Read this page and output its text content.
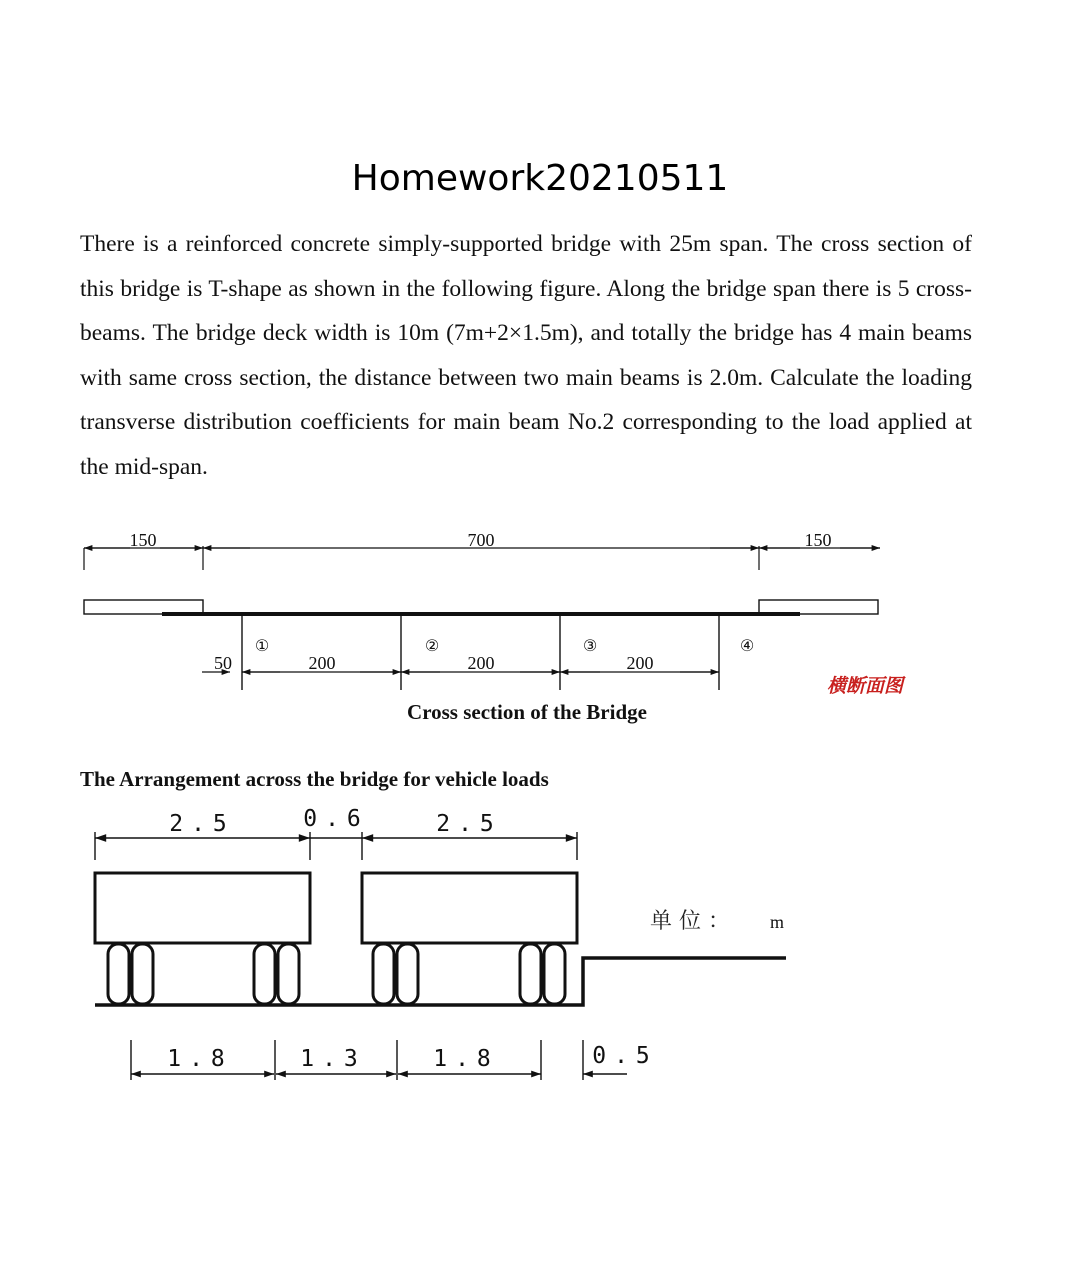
Homework20210511

There is a reinforced concrete simply-supported bridge with 25m span. The cross section of this bridge is T-shape as shown in the following figure. Along the bridge span there is 5 cross-beams. The bridge deck width is 10m (7m+2×1.5m), and totally the bridge has 4 main beams with same cross section, the distance between two main beams is 2.0m. Calculate the loading transverse distribution coefficients for main beam No.2 corresponding to the load applied at the mid-span.

150	700	150
①	②	③	④
50	200	200	200
横断面图
Cross section of the Bridge
The Arrangement across the bridge for vehicle loads
2.5	0.6	2.5
单 位 ： m
1.8	1.3	1.8	0.5
